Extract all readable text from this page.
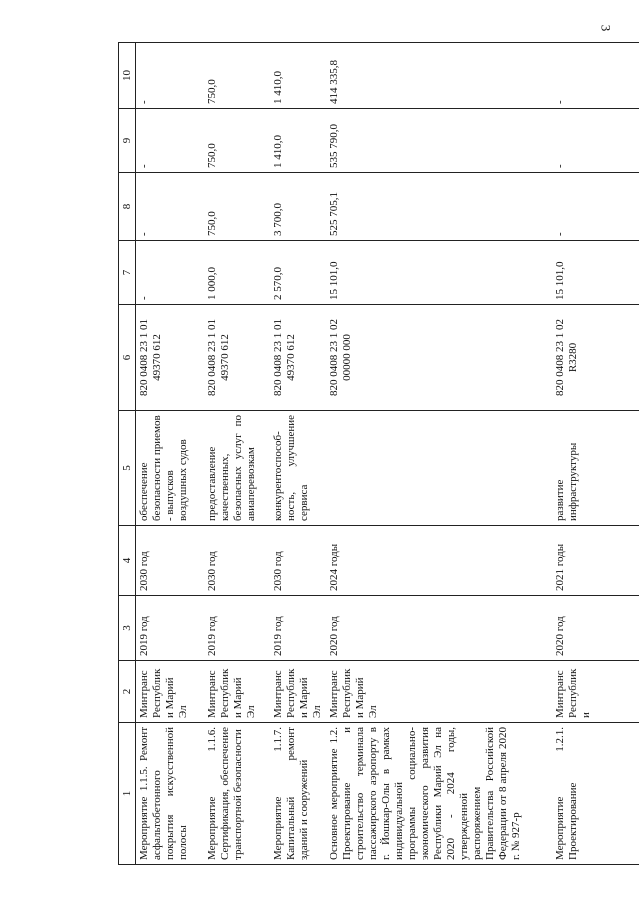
3
1	2	3	4	5	6	7	8	9	10
Мероприятие 1.1.5. Ремонт асфальтобетонного покрытия искусственной полосы	Минтранс Республики Марий Эл	2019 год	2030 год	обеспечение безопасности приемов - выпусков воздушных судов	820 0408 23 1 01 49370 612	-	-	-	-
Мероприятие 1.1.6. Сертификация, обеспечение транспортной безопасности	Минтранс Республики Марий Эл	2019 год	2030 год	предоставление качественных, безопасных услуг по авиаперевозкам	820 0408 23 1 01 49370 612	1 000,0	750,0	750,0	750,0
Мероприятие 1.1.7. Капитальный ремонт зданий и сооружений	Минтранс Республики Марий Эл	2019 год	2030 год	конкурентоспособ-ность, улучшение сервиса	820 0408 23 1 01 49370 612	2 570,0	3 700,0	1 410,0	1 410,0
Основное мероприятие 1.2. Проектирование и строительство терминала пассажирского аэропорту в г. Йошкар-Олы в рамках индивидуальной программы социально-экономического развития Республики Марий Эл на 2020 - 2024 годы, утвержденной распоряжением Правительства Российской Федерации от 8 апреля 2020 г. № 927-р	Минтранс Республики Марий Эл	2020 год	2024 годы		820 0408 23 1 02 00000 000	15 101,0	525 705,1	535 790,0	414 335,8
Мероприятие 1.2.1. Проектирование	Минтранс Республики	2020 год	2021 годы	развитие инфраструктуры	820 0408 23 1 02 R3280	15 101,0	-	-	-
